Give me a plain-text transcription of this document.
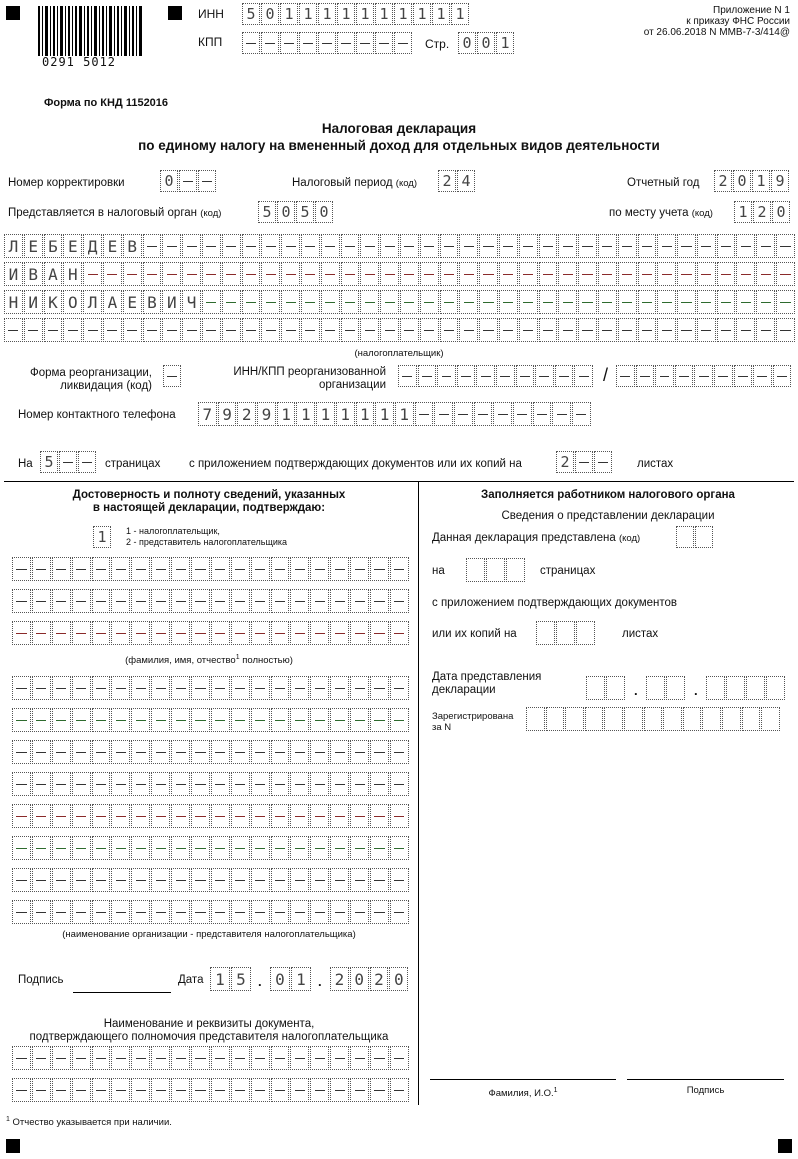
0291 5012
ИНН 5 0 1 1 1 1 1 1 1 1 1 1
КПП	Стр. 0 0 1
Приложение N 1
к приказу ФНС России
от 26.06.2018 N ММВ-7-3/414@
Форма по КНД 1152016
Налоговая декларация
по единому налогу на вмененный доход для отдельных видов деятельности
Номер корректировки	0	Налоговый период (код) 2 4	Отчетный год 2 0 1 9
Представляется в налоговый орган (код)	5 0 5 0	по месту учета (код) 1 2 0
Л Е Б Е Д Е В
И В А Н
Н И К О Л А Е В И Ч
(налогоплательщик)
Форма реорганизации,
ликвидация (код)
ИНН/КПП реорганизованной
организации	/
Номер контактного телефона 7 9 2 9 1 1 1 1 1 1 1
На 5	страницах с приложением подтверждающих документов или их копий на	2	листах
Достоверность и полноту сведений, указанных
в настоящей декларации, подтверждаю:
1	1 - налогоплательщик,
2 - представитель налогоплательщика
(фамилия, имя, отчество$^1$ полностью)
(наименование организации - представителя налогоплательщика)
Подпись	Дата 1 5 . 0 1 . 2 0 2 0
Наименование и реквизиты документа,
подтверждающего полномочия представителя налогоплательщика
Заполняется работником налогового органа
Сведения о представлении декларации
Данная декларация представлена (код)
на	страницах
с приложением подтверждающих документов
или их копий на	листах
Дата представления
декларации	.	.
Зарегистрирована
за N
Фамилия, И.О.$^1$	Подпись
$^1$ Отчество указывается при наличии.
